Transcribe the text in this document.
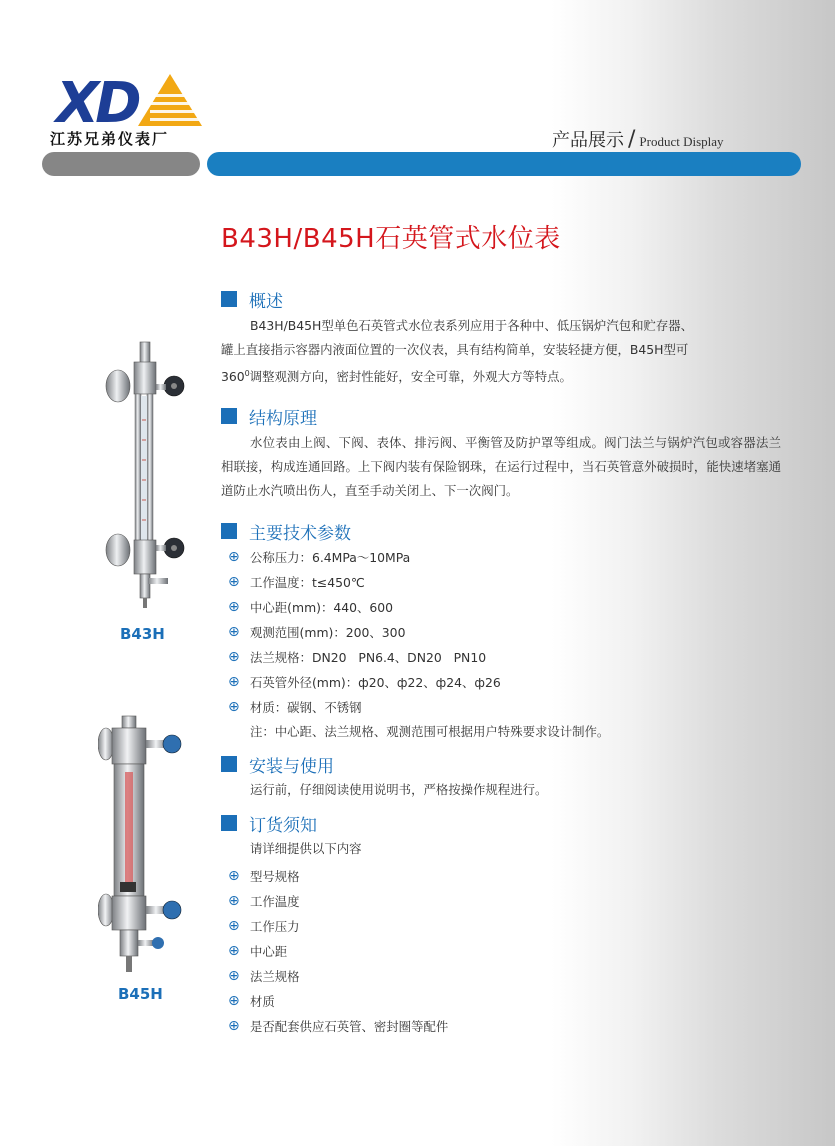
XD
江苏兄弟仪表厂	产品展示 / Product Display
B43H/B45H石英管式水位表
B43H
B45H
概述
B43H/B45H型单色石英管式水位表系列应用于各种中、低压锅炉汽包和贮存器、
罐上直接指示容器内液面位置的一次仪表，具有结构简单，安装轻捷方便，B45H型可
$360^0$调整观测方向，密封性能好，安全可靠，外观大方等特点。
结构原理
水位表由上阀、下阀、表体、排污阀、平衡管及防护罩等组成。阀门法兰与锅炉汽包或容器法兰相联接，构成连通回路。上下阀内装有保险钢珠，在运行过程中，当石英管意外破损时，能快速堵塞通道防止水汽喷出伤人，直至手动关闭上、下一次阀门。
主要技术参数
⊕ 公称压力：6.4MPa～10MPa
⊕ 工作温度：t≤450℃
⊕ 中心距(mm)：440、600
⊕ 观测范围(mm)：200、300
⊕ 法兰规格：DN20   PN6.4、DN20   PN10
⊕ 石英管外径(mm)：ф20、ф22、ф24、ф26
⊕ 材质：碳钢、不锈钢
注：中心距、法兰规格、观测范围可根据用户特殊要求设计制作。
安装与使用
运行前，仔细阅读使用说明书，严格按操作规程进行。
订货须知
请详细提供以下内容
⊕ 型号规格
⊕ 工作温度
⊕ 工作压力
⊕ 中心距
⊕ 法兰规格
⊕ 材质
⊕ 是否配套供应石英管、密封圈等配件
